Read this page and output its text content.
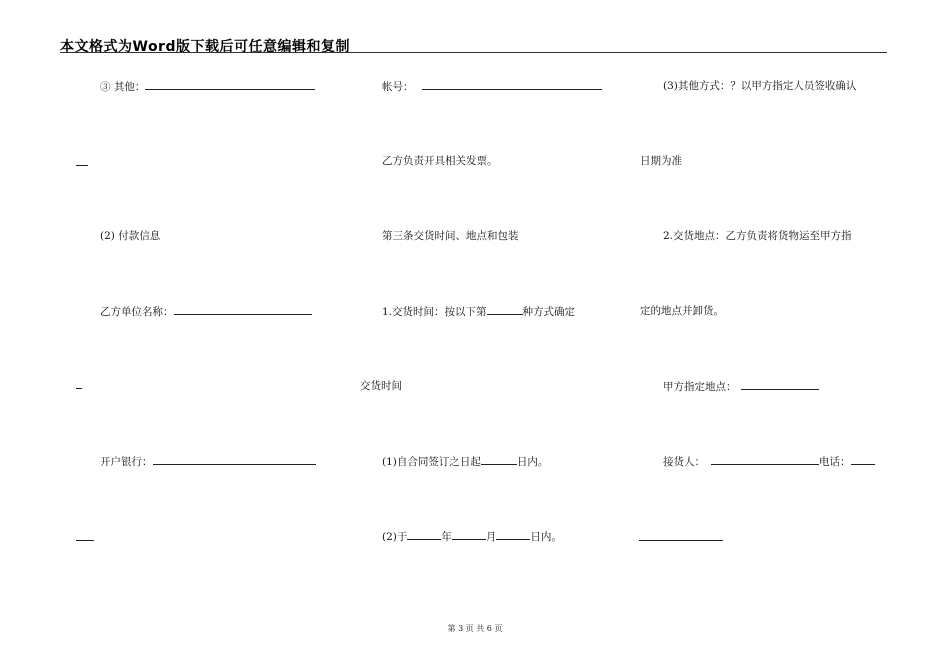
本文格式为Word版下载后可任意编辑和复制
③ 其他：
(2) 付款信息
乙方单位名称：
开户银行：
帐号：
乙方负责开具相关发票。
第三条交货时间、地点和包装
1.交货时间：按以下第	种方式确定
交货时间
(1)自合同签订之日起	日内。
(2)于	年	月	日内。
(3)其他方式：？以甲方指定人员签收确认
日期为准
2.交货地点：乙方负责将货物运至甲方指
定的地点并卸货。
甲方指定地点：
接货人：	电话：
第 3 页 共 6 页
